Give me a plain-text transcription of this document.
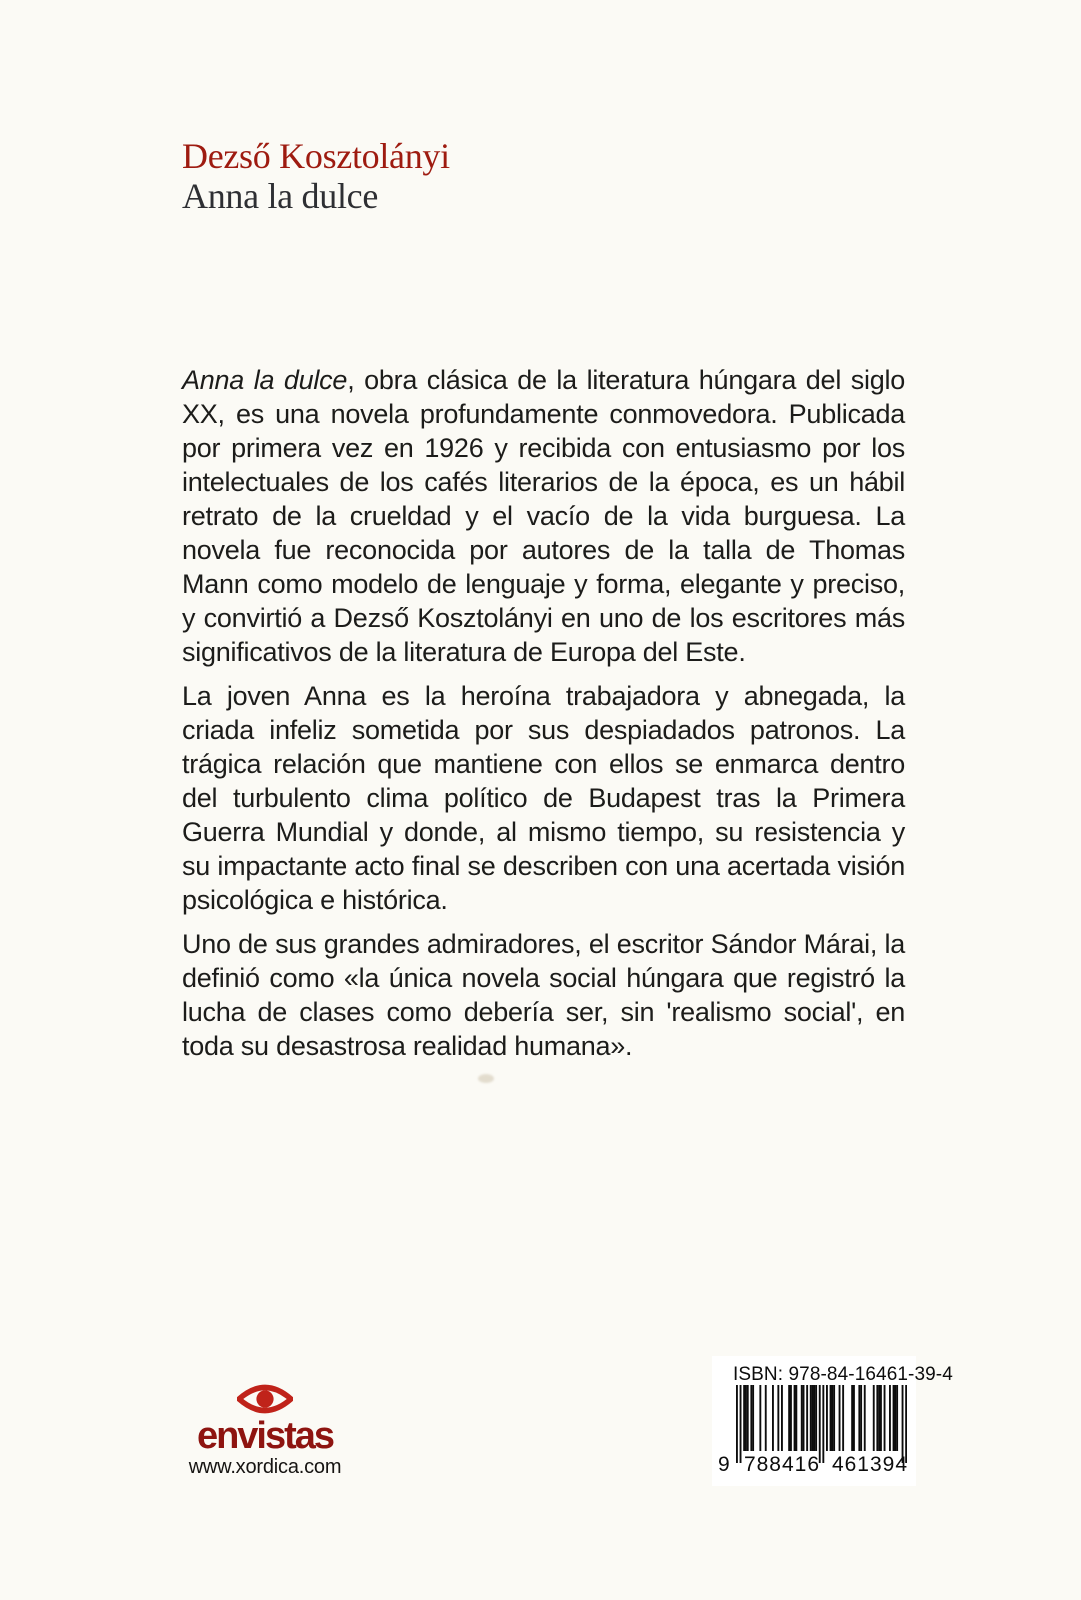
Dezső Kosztolányi
Anna la dulce

Anna la dulce, obra clásica de la literatura húngara del siglo XX, es una novela profundamente conmovedora. Publicada por primera vez en 1926 y recibida con entusiasmo por los intelectuales de los cafés literarios de la época, es un hábil retrato de la crueldad y el vacío de la vida burguesa. La novela fue reconocida por autores de la talla de Thomas Mann como modelo de lenguaje y forma, elegante y preciso, y convirtió a Dezső Kosztolányi en uno de los escritores más significativos de la literatura de Europa del Este.

La joven Anna es la heroína trabajadora y abnegada, la criada infeliz sometida por sus despiadados patronos. La trágica relación que mantiene con ellos se enmarca dentro del turbulento clima político de Budapest tras la Primera Guerra Mundial y donde, al mismo tiempo, su resistencia y su impactante acto final se describen con una acertada visión psicológica e histórica.

Uno de sus grandes admiradores, el escritor Sándor Márai, la definió como «la única novela social húngara que registró la lucha de clases como debería ser, sin 'realismo social', en toda su desastrosa realidad humana».

envistas
www.xordica.com
ISBN: 978-84-16461-39-4
9 788416 461394
